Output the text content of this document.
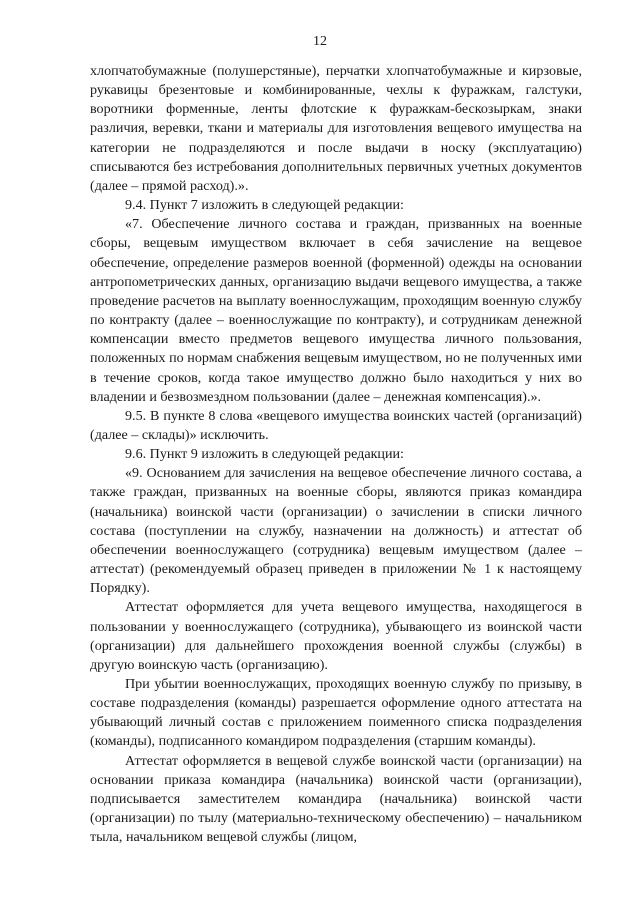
12

хлопчатобумажные (полушерстяные), перчатки хлопчатобумажные и кирзовые, рукавицы брезентовые и комбинированные, чехлы к фуражкам, галстуки, воротники форменные, ленты флотские к фуражкам-бескозыркам, знаки различия, веревки, ткани и материалы для изготовления вещевого имущества на категории не подразделяются и после выдачи в носку (эксплуатацию) списываются без истребования дополнительных первичных учетных документов (далее – прямой расход).».

9.4. Пункт 7 изложить в следующей редакции:

«7. Обеспечение личного состава и граждан, призванных на военные сборы, вещевым имуществом включает в себя зачисление на вещевое обеспечение, определение размеров военной (форменной) одежды на основании антропометрических данных, организацию выдачи вещевого имущества, а также проведение расчетов на выплату военнослужащим, проходящим военную службу по контракту (далее – военнослужащие по контракту), и сотрудникам денежной компенсации вместо предметов вещевого имущества личного пользования, положенных по нормам снабжения вещевым имуществом, но не полученных ими в течение сроков, когда такое имущество должно было находиться у них во владении и безвозмездном пользовании (далее – денежная компенсация).».

9.5. В пункте 8 слова «вещевого имущества воинских частей (организаций) (далее – склады)» исключить.

9.6. Пункт 9 изложить в следующей редакции:

«9. Основанием для зачисления на вещевое обеспечение личного состава, а также граждан, призванных на военные сборы, являются приказ командира (начальника) воинской части (организации) о зачислении в списки личного состава (поступлении на службу, назначении на должность) и аттестат об обеспечении военнослужащего (сотрудника) вещевым имуществом (далее – аттестат) (рекомендуемый образец приведен в приложении № 1 к настоящему Порядку).

Аттестат оформляется для учета вещевого имущества, находящегося в пользовании у военнослужащего (сотрудника), убывающего из воинской части (организации) для дальнейшего прохождения военной службы (службы) в другую воинскую часть (организацию).

При убытии военнослужащих, проходящих военную службу по призыву, в составе подразделения (команды) разрешается оформление одного аттестата на убывающий личный состав с приложением поименного списка подразделения (команды), подписанного командиром подразделения (старшим команды).

Аттестат оформляется в вещевой службе воинской части (организации) на основании приказа командира (начальника) воинской части (организации), подписывается заместителем командира (начальника) воинской части (организации) по тылу (материально-техническому обеспечению) – начальником тыла, начальником вещевой службы (лицом,
